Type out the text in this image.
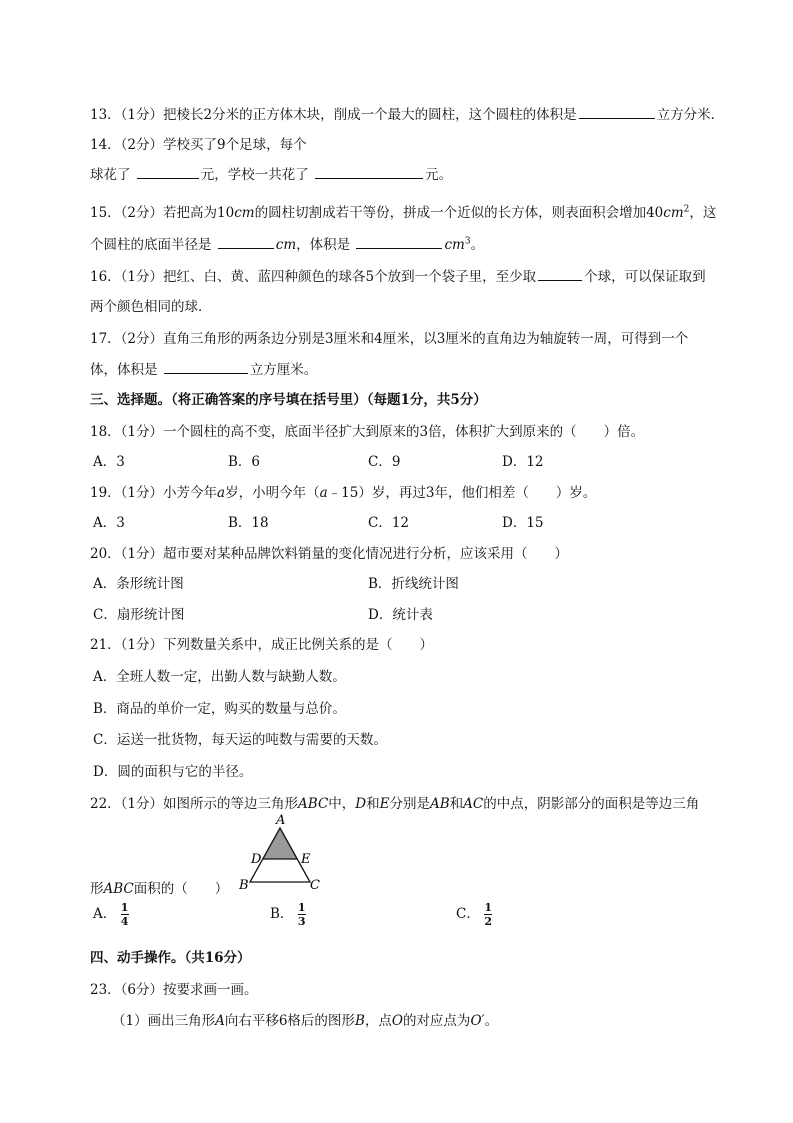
13．（1分）把棱长2分米的正方体木块，削成一个最大的圆柱，这个圆柱的体积是	立方分米．
14．（2分）学校买了9个足球，每个
球花了	元，学校一共花了	元。
15．（2分）若把高为10cm的圆柱切割成若干等份，拼成一个近似的长方体，则表面积会增加$40cm^2$，这
个圆柱的底面半径是	cm，体积是	$cm^3$。
16．（1分）把红、白、黄、蓝四种颜色的球各5个放到一个袋子里，至少取	个球，可以保证取到
两个颜色相同的球．
17．（2分）直角三角形的两条边分别是3厘米和4厘米，以3厘米的直角边为轴旋转一周，可得到一个
体，体积是	立方厘米。
三、选择题。（将正确答案的序号填在括号里）（每题1分，共5分）
18．（1分）一个圆柱的高不变，底面半径扩大到原来的3倍，体积扩大到原来的（　　）倍。
A．3	B．6	C．9	D．12
19．（1分）小芳今年a岁，小明今年（a﹣15）岁，再过3年，他们相差（　　）岁。
A．3	B．18	C．12	D．15
20．（1分）超市要对某种品牌饮料销量的变化情况进行分析，应该采用（　　）
A．条形统计图	B．折线统计图
C．扇形统计图	D．统计表
21．（1分）下列数量关系中，成正比例关系的是（　　）
A．全班人数一定，出勤人数与缺勤人数。
B．商品的单价一定，购买的数量与总价。
C．运送一批货物，每天运的吨数与需要的天数。
D．圆的面积与它的半径。
22．（1分）如图所示的等边三角形ABC中，D和E分别是AB和AC的中点，阴影部分的面积是等边三角
A
D	E
B	C
形ABC面积的（　　）
A． $\frac{1}{4}$	B． $\frac{1}{3}$	C． $\frac{1}{2}$
四、动手操作。（共16分）
23．（6分）按要求画一画。
（1）画出三角形A向右平移6格后的图形B，点O的对应点为O′。
